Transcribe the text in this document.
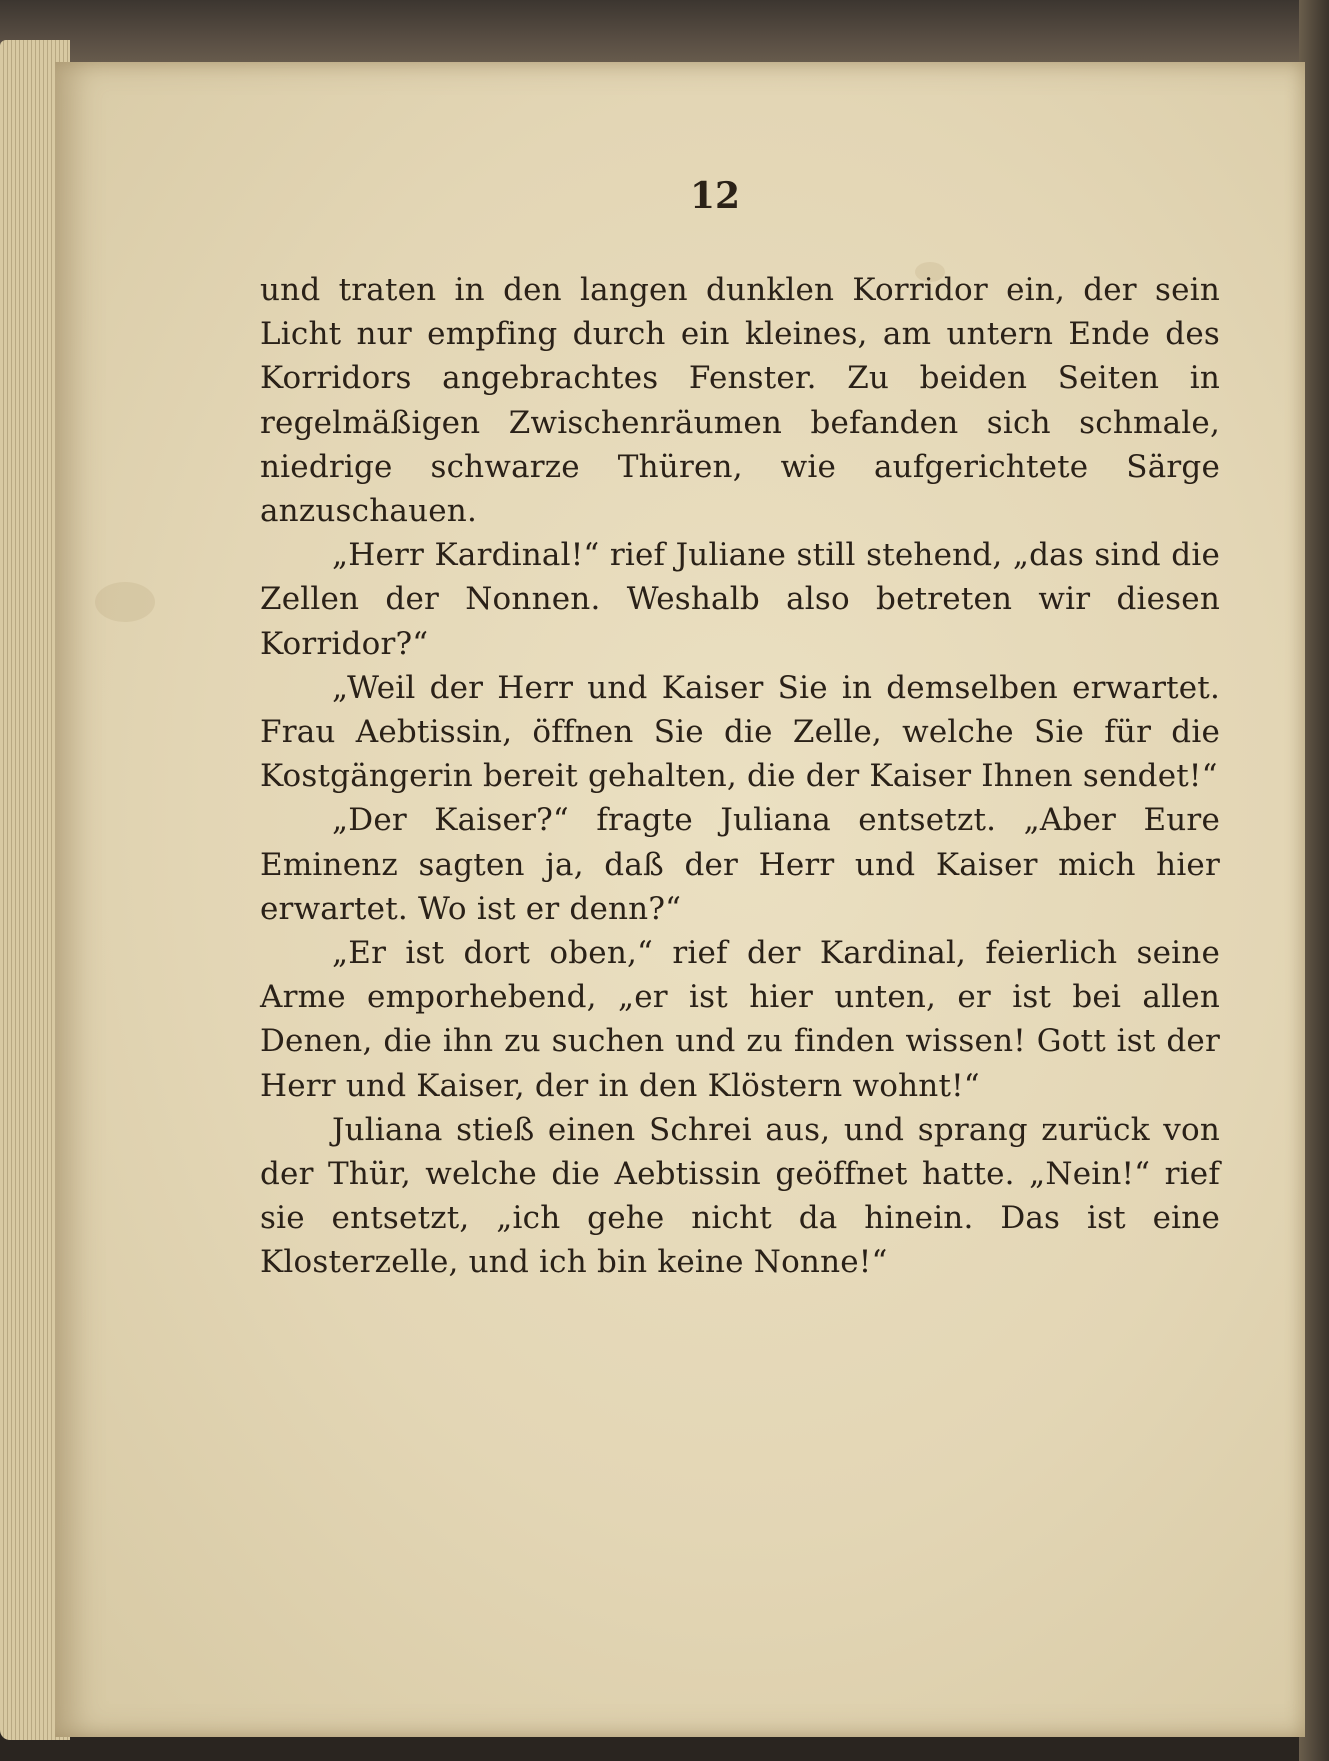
12

und traten in den langen dunklen Korridor ein, der sein Licht nur empfing durch ein kleines, am untern Ende des Korridors angebrachtes Fenster. Zu beiden Seiten in regelmäßigen Zwischenräumen befanden sich schmale, niedrige schwarze Thüren, wie aufgerichtete Särge anzuschauen.

„Herr Kardinal!“ rief Juliane still stehend, „das sind die Zellen der Nonnen. Weshalb also betreten wir diesen Korridor?“

„Weil der Herr und Kaiser Sie in demselben erwartet. Frau Aebtissin, öffnen Sie die Zelle, welche Sie für die Kostgängerin bereit gehalten, die der Kaiser Ihnen sendet!“

„Der Kaiser?“ fragte Juliana entsetzt. „Aber Eure Eminenz sagten ja, daß der Herr und Kaiser mich hier erwartet. Wo ist er denn?“

„Er ist dort oben,“ rief der Kardinal, feierlich seine Arme emporhebend, „er ist hier unten, er ist bei allen Denen, die ihn zu suchen und zu finden wissen! Gott ist der Herr und Kaiser, der in den Klöstern wohnt!“

Juliana stieß einen Schrei aus, und sprang zurück von der Thür, welche die Aebtissin geöffnet hatte. „Nein!“ rief sie entsetzt, „ich gehe nicht da hinein. Das ist eine Klosterzelle, und ich bin keine Nonne!“
